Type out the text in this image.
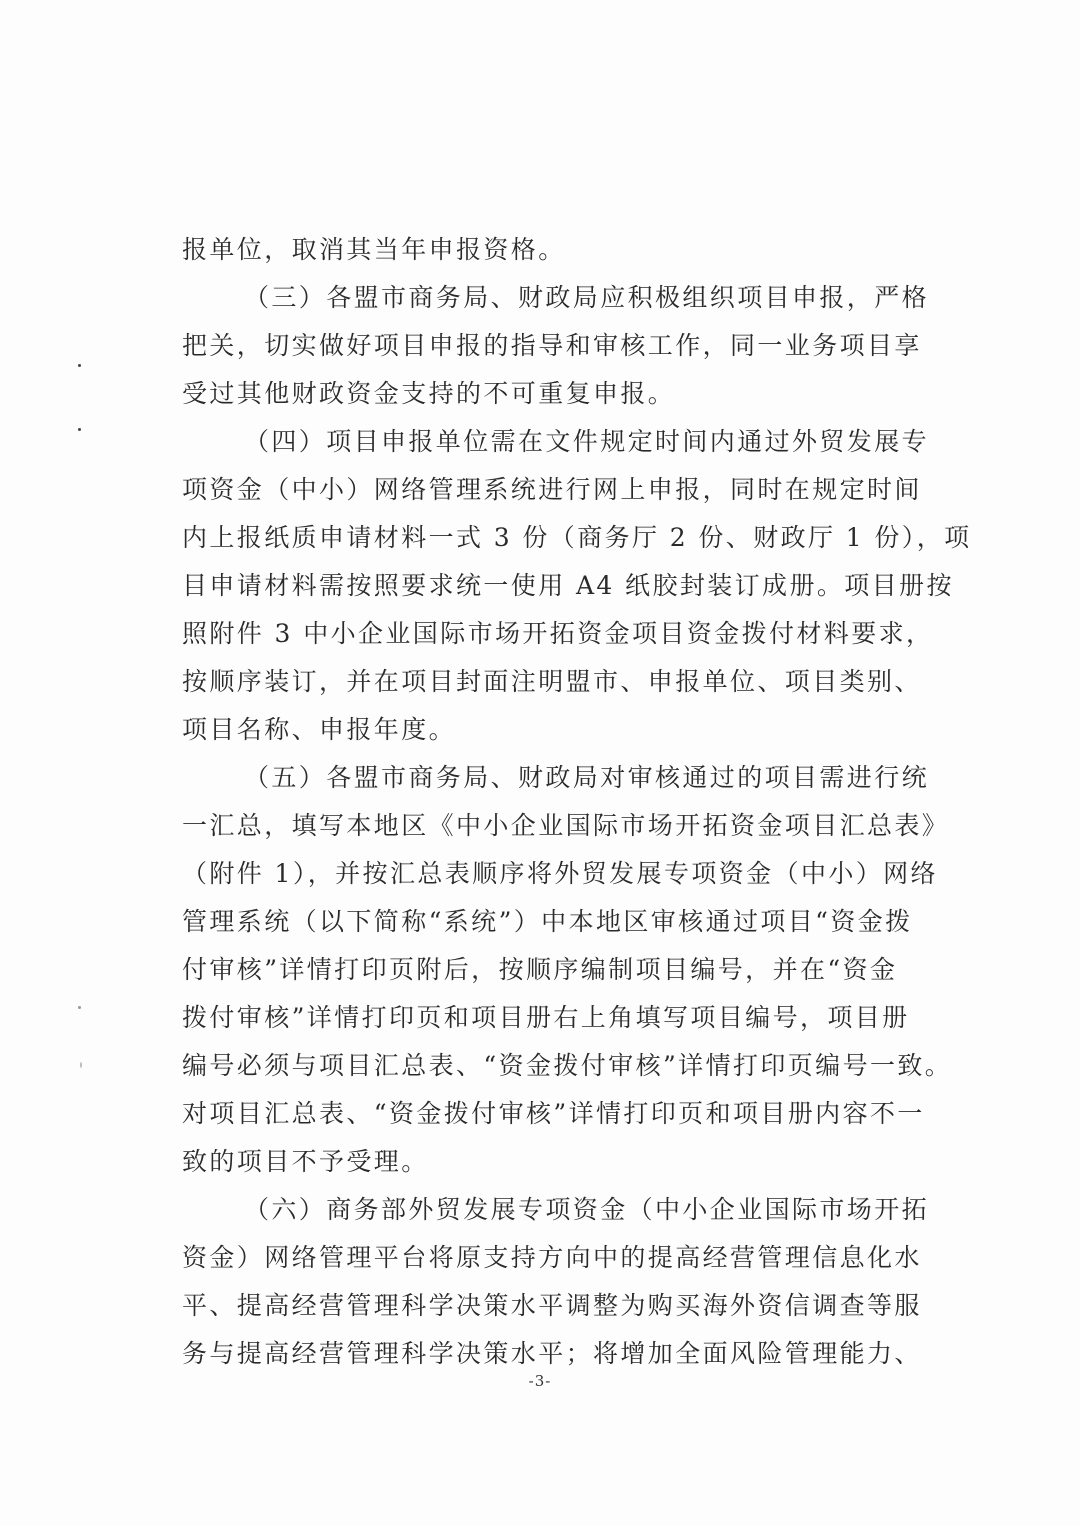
报单位，取消其当年申报资格。
（三）各盟市商务局、财政局应积极组织项目申报，严格
把关，切实做好项目申报的指导和审核工作，同一业务项目享
受过其他财政资金支持的不可重复申报。
（四）项目申报单位需在文件规定时间内通过外贸发展专
项资金（中小）网络管理系统进行网上申报，同时在规定时间
内上报纸质申请材料一式 3 份（商务厅 2 份、财政厅 1 份），项
目申请材料需按照要求统一使用 A4 纸胶封装订成册。项目册按
照附件 3 中小企业国际市场开拓资金项目资金拨付材料要求，
按顺序装订，并在项目封面注明盟市、申报单位、项目类别、
项目名称、申报年度。
（五）各盟市商务局、财政局对审核通过的项目需进行统
一汇总，填写本地区《中小企业国际市场开拓资金项目汇总表》
（附件 1），并按汇总表顺序将外贸发展专项资金（中小）网络
管理系统（以下简称“系统”）中本地区审核通过项目“资金拨
付审核”详情打印页附后，按顺序编制项目编号，并在“资金
拨付审核”详情打印页和项目册右上角填写项目编号，项目册
编号必须与项目汇总表、“资金拨付审核”详情打印页编号一致。
对项目汇总表、“资金拨付审核”详情打印页和项目册内容不一
致的项目不予受理。
（六）商务部外贸发展专项资金（中小企业国际市场开拓
资金）网络管理平台将原支持方向中的提高经营管理信息化水
平、提高经营管理科学决策水平调整为购买海外资信调查等服
务与提高经营管理科学决策水平；将增加全面风险管理能力、
-3-
